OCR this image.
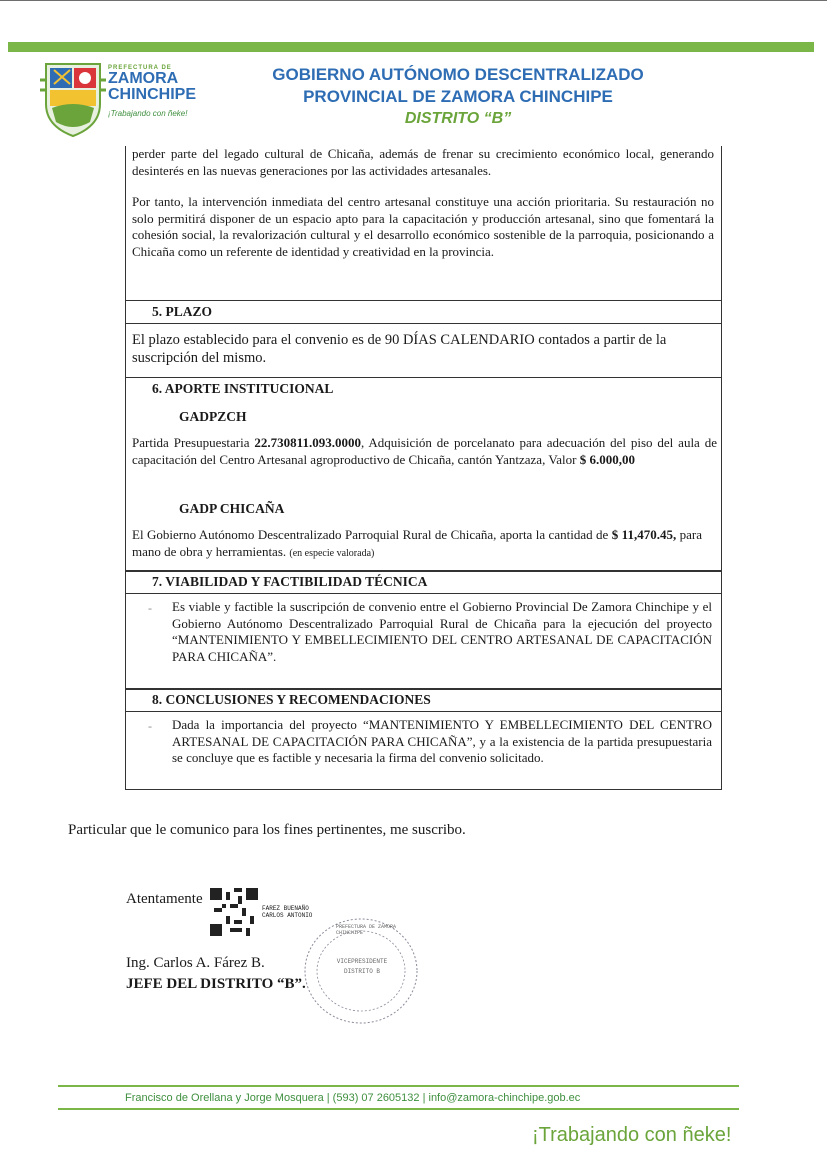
PREFECTURA DE
ZAMORA
CHINCHIPE
¡Trabajando con ñeke!
GOBIERNO AUTÓNOMO DESCENTRALIZADO
PROVINCIAL DE ZAMORA CHINCHIPE
DISTRITO “B”

perder parte del legado cultural de Chicaña, además de frenar su crecimiento económico local, generando desinterés en las nuevas generaciones por las actividades artesanales.

Por tanto, la intervención inmediata del centro artesanal constituye una acción prioritaria. Su restauración no solo permitirá disponer de un espacio apto para la capacitación y producción artesanal, sino que fomentará la cohesión social, la revalorización cultural y el desarrollo económico sostenible de la parroquia, posicionando a Chicaña como un referente de identidad y creatividad en la provincia.

5. PLAZO

El plazo establecido para el convenio es de 90 DÍAS CALENDARIO contados a partir de la suscripción del mismo.

6. APORTE INSTITUCIONAL
GADPZCH

Partida Presupuestaria 22.730811.093.0000, Adquisición de porcelanato para adecuación del piso del aula de capacitación del Centro Artesanal agroproductivo de Chicaña, cantón Yantzaza, Valor $ 6.000,00

GADP CHICAÑA

El Gobierno Autónomo Descentralizado Parroquial Rural de Chicaña, aporta la cantidad de $ 11,470.45, para mano de obra y herramientas. (en especie valorada)

7. VIABILIDAD Y FACTIBILIDAD TÉCNICA
- Es viable y factible la suscripción de convenio entre el Gobierno Provincial De Zamora Chinchipe y el Gobierno Autónomo Descentralizado Parroquial Rural de Chicaña para la ejecución del proyecto “MANTENIMIENTO Y EMBELLECIMIENTO DEL CENTRO ARTESANAL DE CAPACITACIÓN PARA CHICAÑA”.

8. CONCLUSIONES Y RECOMENDACIONES
- Dada la importancia del proyecto “MANTENIMIENTO Y EMBELLECIMIENTO DEL CENTRO ARTESANAL DE CAPACITACIÓN PARA CHICAÑA”, y a la existencia de la partida presupuestaria se concluye que es factible y necesaria la firma del convenio solicitado.

Particular que le comunico para los fines pertinentes, me suscribo.
Atentamente
FAREZ BUENAÑO
CARLOS ANTONIO
PREFECTURA DE ZAMORA CHINCHIPE
VICEPRESIDENTE
DISTRITO B
Ing. Carlos A. Fárez B.
JEFE DEL DISTRITO “B”.
Francisco de Orellana y Jorge Mosquera | (593) 07 2605132 | info@zamora-chinchipe.gob.ec
¡Trabajando con ñeke!
